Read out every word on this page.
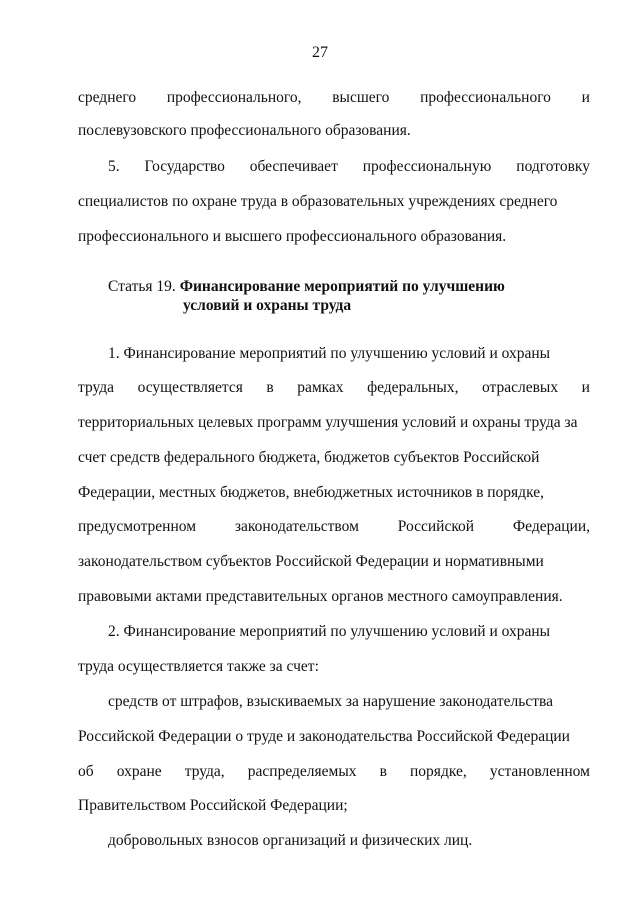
27
среднего профессионального, высшего профессионального и
послевузовского профессионального образования.
5. Государство обеспечивает профессиональную подготовку
специалистов по охране труда в образовательных учреждениях среднего
профессионального и высшего профессионального образования.
Статья 19. Финансирование мероприятий по улучшению
условий и охраны труда
1. Финансирование мероприятий по улучшению условий и охраны
труда осуществляется в рамках федеральных, отраслевых и
территориальных целевых программ улучшения условий и охраны труда за
счет средств федерального бюджета, бюджетов субъектов Российской
Федерации, местных бюджетов, внебюджетных источников в порядке,
предусмотренном	законодательством	Российской	Федерации,
законодательством субъектов Российской Федерации и нормативными
правовыми актами представительных органов местного самоуправления.
2. Финансирование мероприятий по улучшению условий и охраны
труда осуществляется также за счет:
средств от штрафов, взыскиваемых за нарушение законодательства
Российской Федерации о труде и законодательства Российской Федерации
об охране труда, распределяемых в порядке, установленном
Правительством Российской Федерации;
добровольных взносов организаций и физических лиц.
